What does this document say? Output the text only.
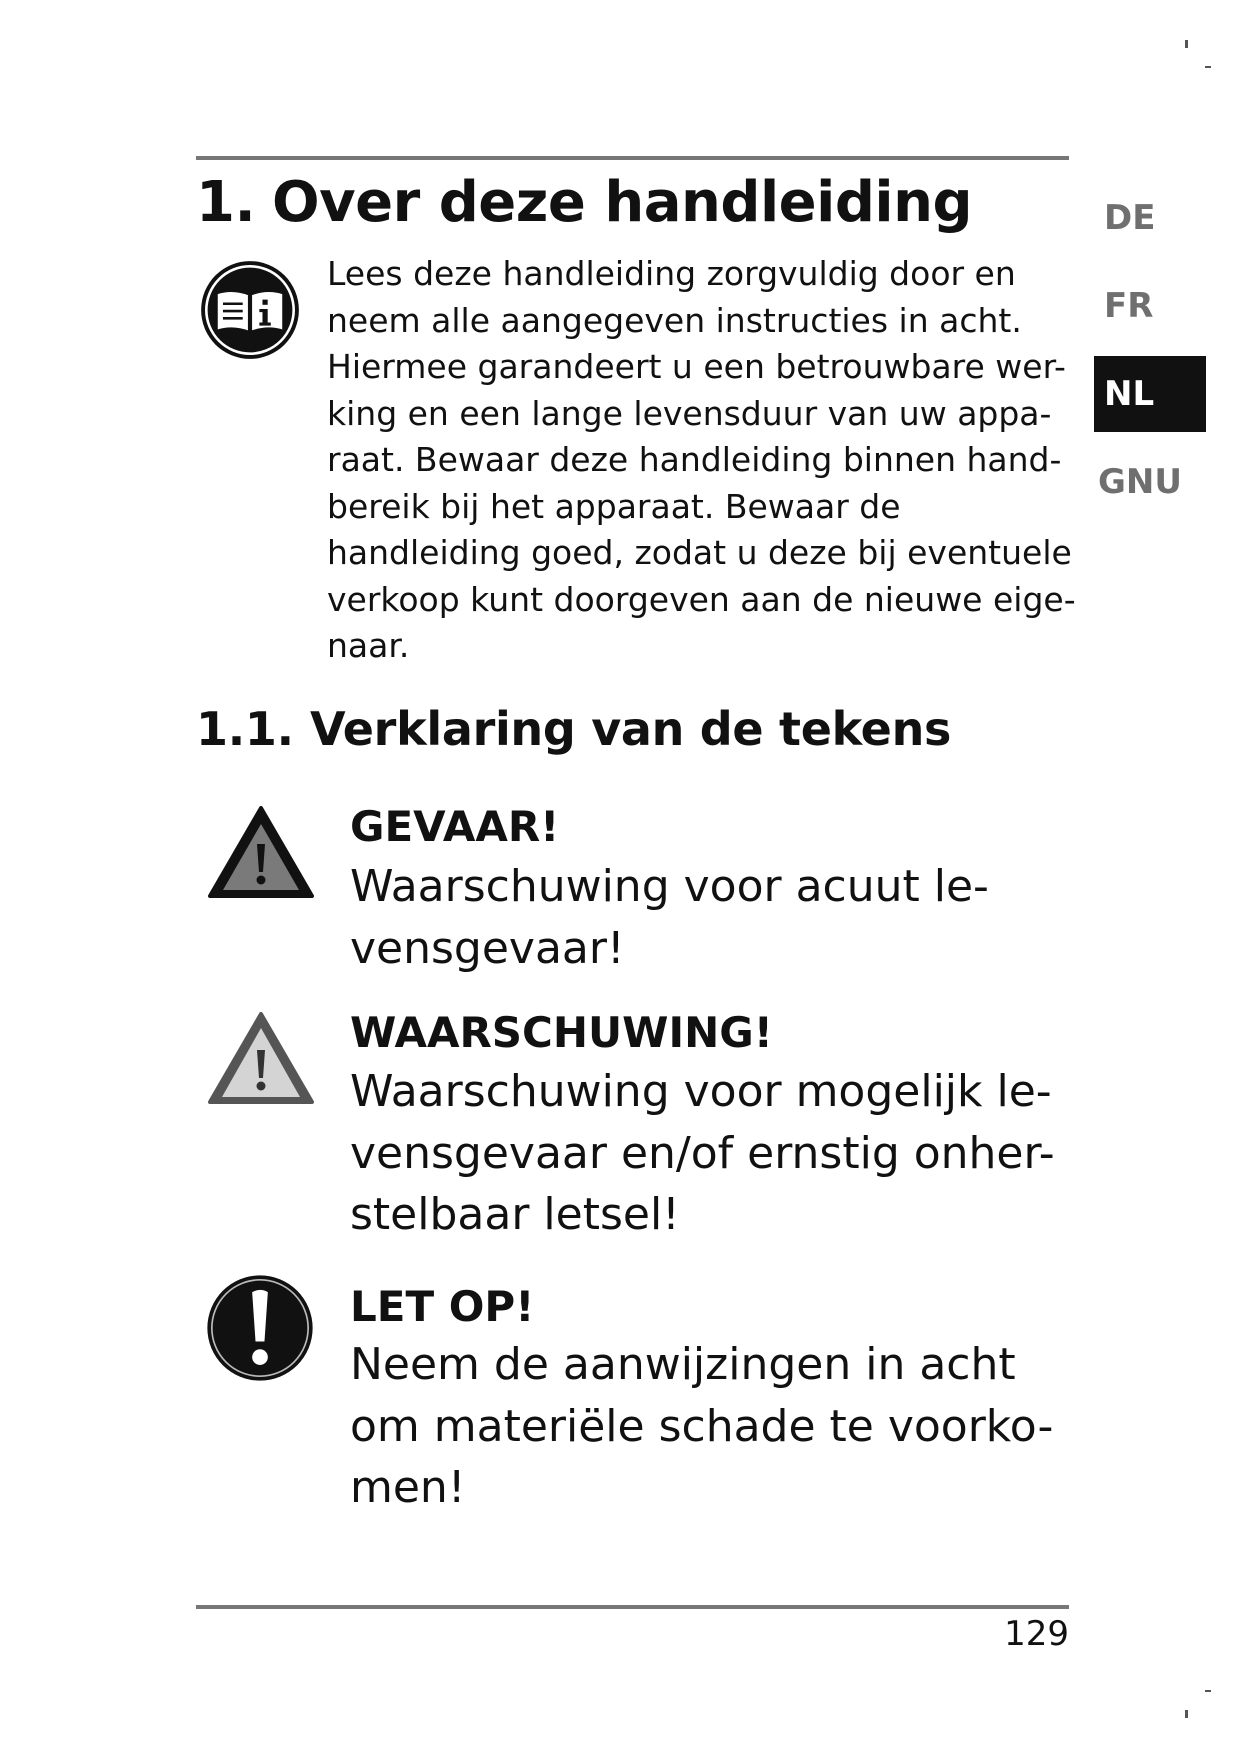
1. Over deze handleiding
Lees deze handleiding zorgvuldig door en
neem alle aangegeven instructies in acht.
Hiermee garandeert u een betrouwbare wer-
king en een lange levensduur van uw appa-
raat. Bewaar deze handleiding binnen hand-
bereik bij het apparaat. Bewaar de
handleiding goed, zodat u deze bij eventuele
verkoop kunt doorgeven aan de nieuwe eige-
naar.
1.1. Verklaring van de tekens

GEVAAR!

Waarschuwing voor acuut le-
vensgevaar!

WAARSCHUWING!

Waarschuwing voor mogelijk le-
vensgevaar en/of ernstig onher-
stelbaar letsel!

LET OP!

Neem de aanwijzingen in acht
om materiële schade te voorko-
men!
DE
FR
NL
GNU
129
